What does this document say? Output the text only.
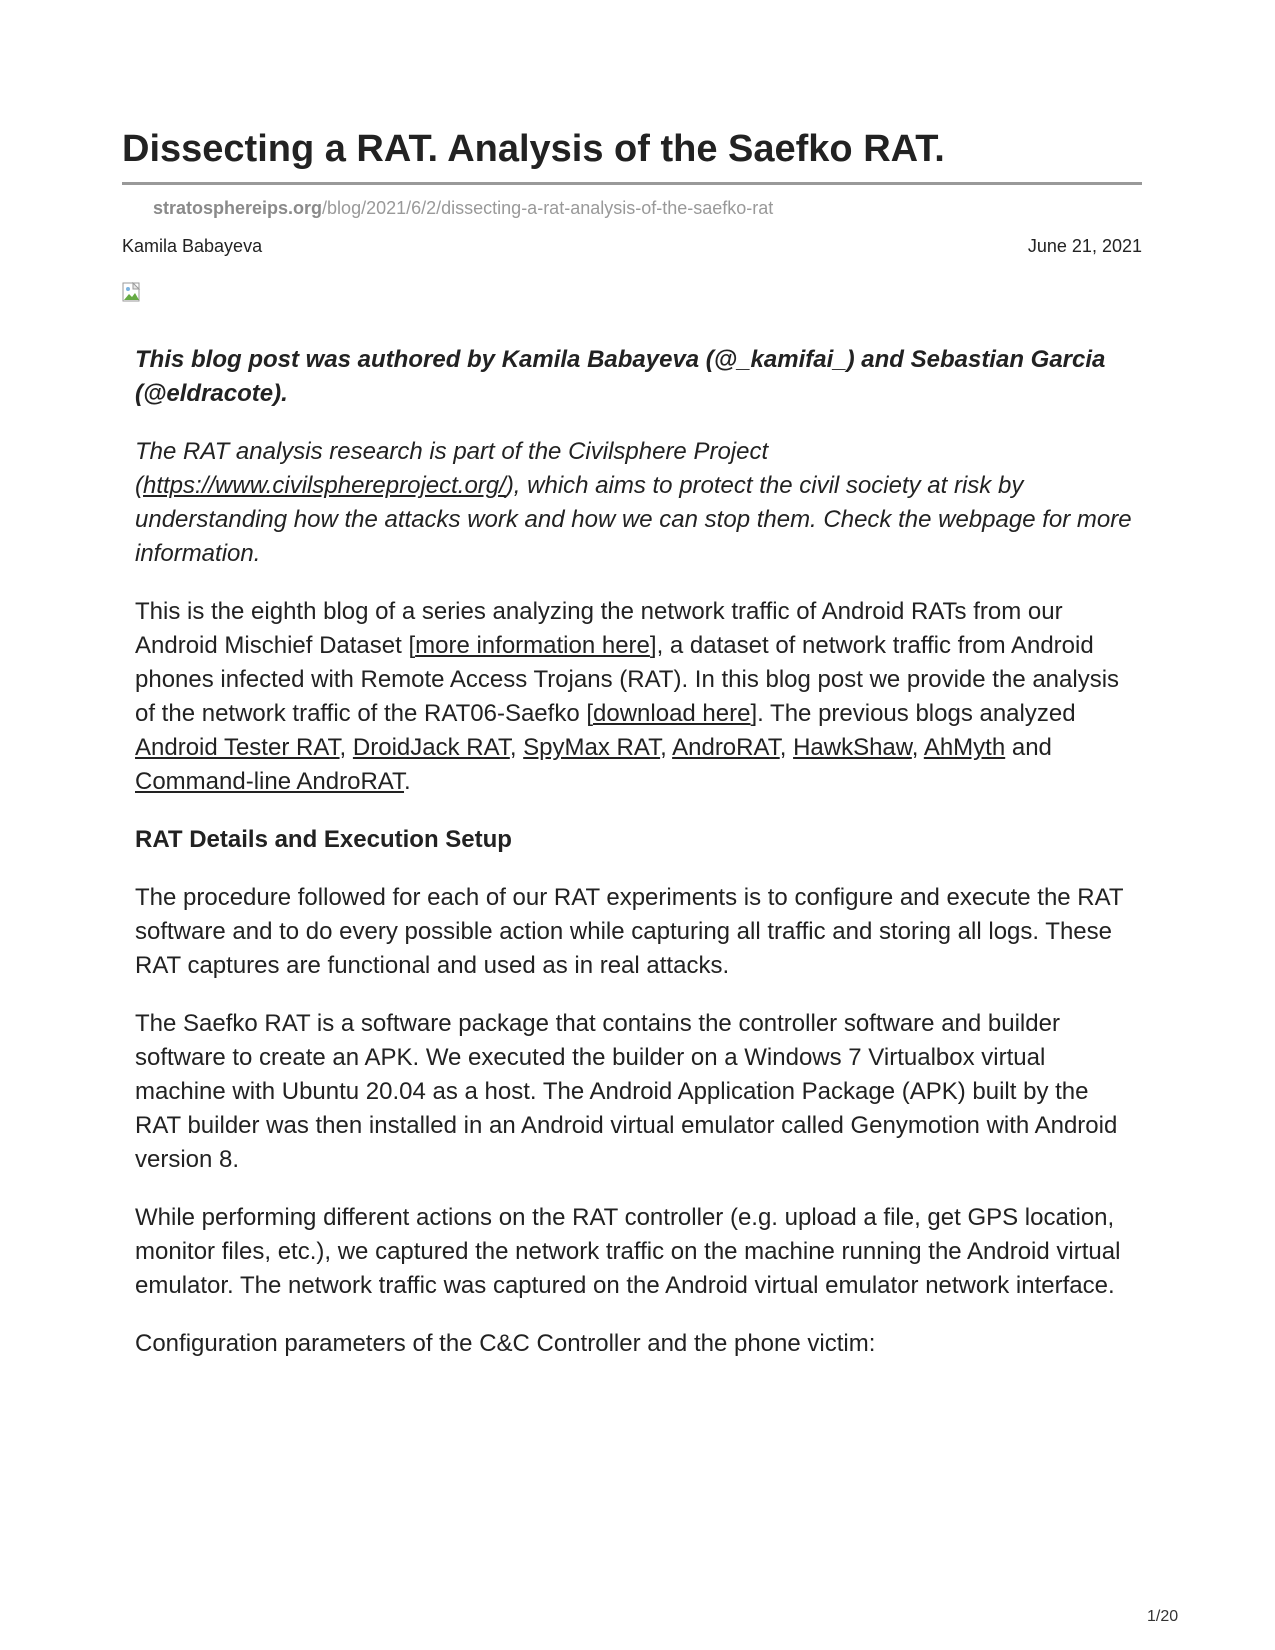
Dissecting a RAT. Analysis of the Saefko RAT.
stratosphereips.org/blog/2021/6/2/dissecting-a-rat-analysis-of-the-saefko-rat
Kamila Babayeva	June 21, 2021

This blog post was authored by Kamila Babayeva (@_kamifai_) and Sebastian Garcia (@eldracote).

The RAT analysis research is part of the Civilsphere Project (https://www.civilsphereproject.org/), which aims to protect the civil society at risk by understanding how the attacks work and how we can stop them. Check the webpage for more information.

This is the eighth blog of a series analyzing the network traffic of Android RATs from our Android Mischief Dataset [more information here], a dataset of network traffic from Android phones infected with Remote Access Trojans (RAT). In this blog post we provide the analysis of the network traffic of the RAT06-Saefko [download here]. The previous blogs analyzed Android Tester RAT, DroidJack RAT, SpyMax RAT, AndroRAT, HawkShaw, AhMyth and Command-line AndroRAT.

RAT Details and Execution Setup

The procedure followed for each of our RAT experiments is to configure and execute the RAT software and to do every possible action while capturing all traffic and storing all logs. These RAT captures are functional and used as in real attacks.

The Saefko RAT is a software package that contains the controller software and builder software to create an APK. We executed the builder on a Windows 7 Virtualbox virtual machine with Ubuntu 20.04 as a host. The Android Application Package (APK) built by the RAT builder was then installed in an Android virtual emulator called Genymotion with Android version 8.

While performing different actions on the RAT controller (e.g. upload a file, get GPS location, monitor files, etc.), we captured the network traffic on the machine running the Android virtual emulator. The network traffic was captured on the Android virtual emulator network interface.

Configuration parameters of the C&C Controller and the phone victim:

1/20
